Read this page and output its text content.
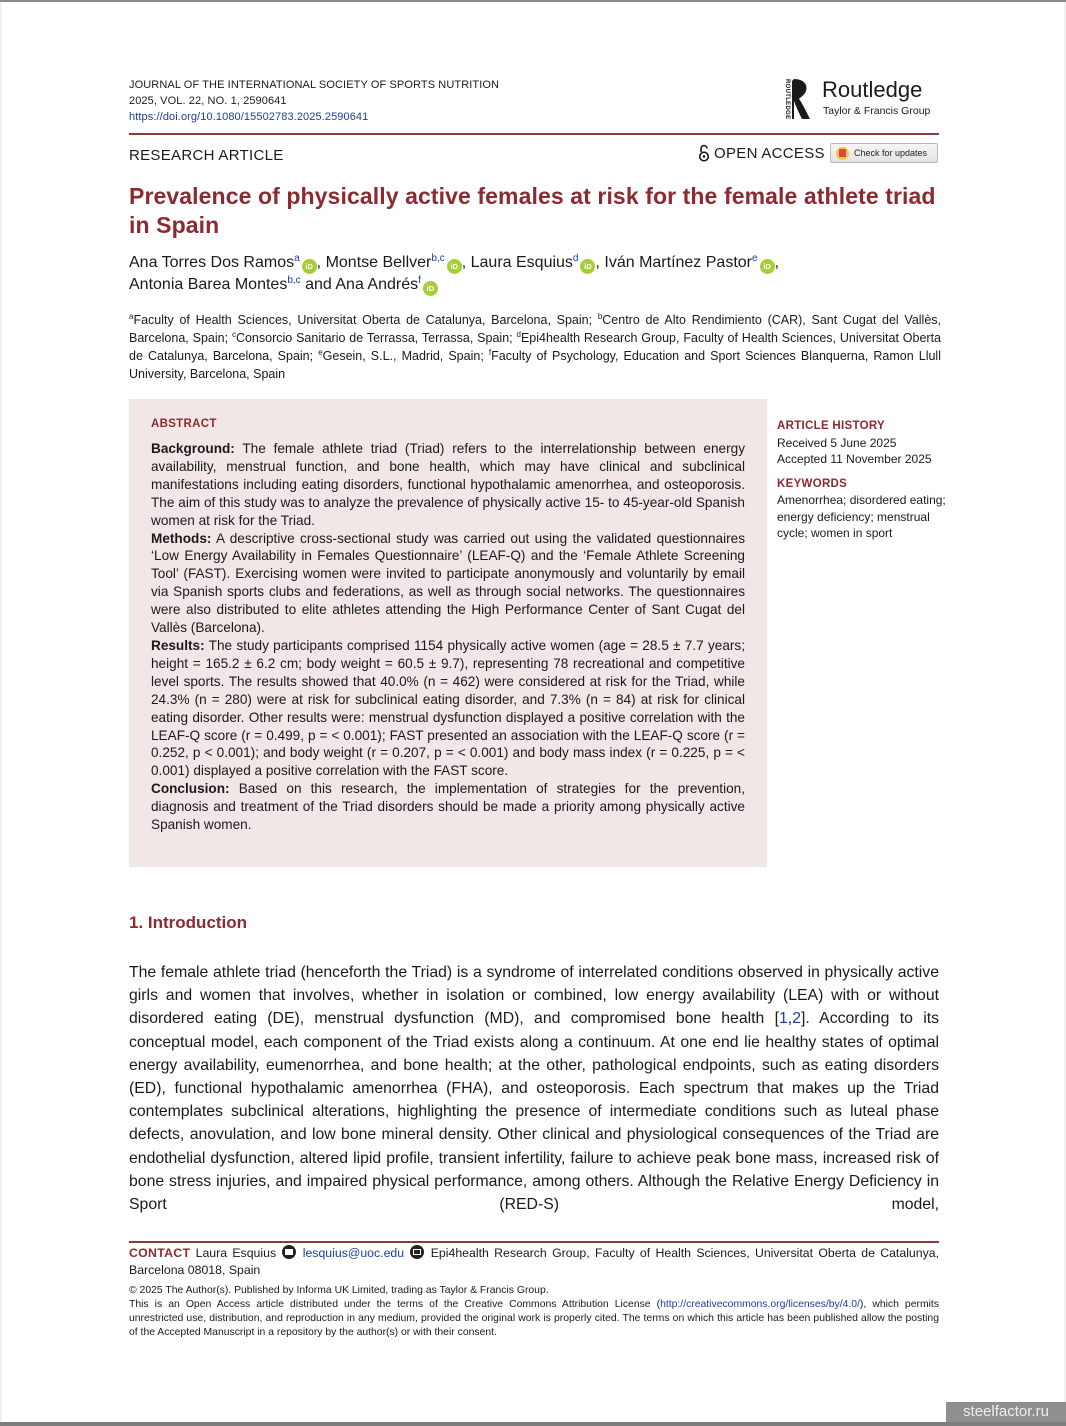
JOURNAL OF THE INTERNATIONAL SOCIETY OF SPORTS NUTRITION
2025, VOL. 22, NO. 1, 2590641
https://doi.org/10.1080/15502783.2025.2590641	ROUTLEDGE Routledge
Taylor & Francis Group
RESEARCH ARTICLE	OPEN ACCESS	Check for updates
Prevalence of physically active females at risk for the female athlete triad in Spain
Ana Torres Dos Ramos$^a$iD , Montse Bellver$^{b,c}$iD , Laura Esquius$^d$iD , Iván Martínez Pastor$^e$iD ,
Antonia Barea Montes$^{b,c}$ and Ana Andrés$^f$iD
$^a$Faculty of Health Sciences, Universitat Oberta de Catalunya, Barcelona, Spain; $^b$Centro de Alto Rendimiento (CAR), Sant Cugat del Vallès, Barcelona, Spain; $^c$Consorcio Sanitario de Terrassa, Terrassa, Spain; $^d$Epi4health Research Group, Faculty of Health Sciences, Universitat Oberta de Catalunya, Barcelona, Spain; $^e$Gesein, S.L., Madrid, Spain; $^f$Faculty of Psychology, Education and Sport Sciences Blanquerna, Ramon Llull University, Barcelona, Spain
ABSTRACT

Background: The female athlete triad (Triad) refers to the interrelationship between energy availability, menstrual function, and bone health, which may have clinical and subclinical manifestations including eating disorders, functional hypothalamic amenorrhea, and osteoporosis. The aim of this study was to analyze the prevalence of physically active 15- to 45-year-old Spanish women at risk for the Triad.

Methods: A descriptive cross-sectional study was carried out using the validated questionnaires ‘Low Energy Availability in Females Questionnaire’ (LEAF-Q) and the ‘Female Athlete Screening Tool’ (FAST). Exercising women were invited to participate anonymously and voluntarily by email via Spanish sports clubs and federations, as well as through social networks. The questionnaires were also distributed to elite athletes attending the High Performance Center of Sant Cugat del Vallès (Barcelona).

Results: The study participants comprised 1154 physically active women (age = 28.5 ± 7.7 years; height = 165.2 ± 6.2 cm; body weight = 60.5 ± 9.7), representing 78 recreational and competitive level sports. The results showed that 40.0% (n = 462) were considered at risk for the Triad, while 24.3% (n = 280) were at risk for subclinical eating disorder, and 7.3% (n = 84) at risk for clinical eating disorder. Other results were: menstrual dysfunction displayed a positive correlation with the LEAF-Q score (r = 0.499, p = < 0.001); FAST presented an association with the LEAF-Q score (r = 0.252, p < 0.001); and body weight (r = 0.207, p = < 0.001) and body mass index (r = 0.225, p = < 0.001) displayed a positive correlation with the FAST score.

Conclusion: Based on this research, the implementation of strategies for the prevention, diagnosis and treatment of the Triad disorders should be made a priority among physically active Spanish women.

ARTICLE HISTORY
Received 5 June 2025
Accepted 11 November 2025
KEYWORDS
Amenorrhea; disordered eating; energy deficiency; menstrual cycle; women in sport
1. Introduction
The female athlete triad (henceforth the Triad) is a syndrome of interrelated conditions observed in physically active girls and women that involves, whether in isolation or combined, low energy availability (LEA) with or without disordered eating (DE), menstrual dysfunction (MD), and compromised bone health [1,2]. According to its conceptual model, each component of the Triad exists along a continuum. At one end lie healthy states of optimal energy availability, eumenorrhea, and bone health; at the other, pathological endpoints, such as eating disorders (ED), functional hypothalamic amenorrhea (FHA), and osteoporosis. Each spectrum that makes up the Triad contemplates subclinical alterations, highlighting the presence of intermediate conditions such as luteal phase defects, anovulation, and low bone mineral density. Other clinical and physiological consequences of the Triad are endothelial dysfunction, altered lipid profile, transient infertility, failure to achieve peak bone mass, increased risk of bone stress injuries, and impaired physical performance, among others. Although the Relative Energy Deficiency in Sport (RED-S) model,
CONTACT Laura Esquius  lesquius@uoc.edu  Epi4health Research Group, Faculty of Health Sciences, Universitat Oberta de Catalunya, Barcelona 08018, Spain

© 2025 The Author(s). Published by Informa UK Limited, trading as Taylor & Francis Group.

This is an Open Access article distributed under the terms of the Creative Commons Attribution License (http://creativecommons.org/licenses/by/4.0/), which permits unrestricted use, distribution, and reproduction in any medium, provided the original work is properly cited. The terms on which this article has been published allow the posting of the Accepted Manuscript in a repository by the author(s) or with their consent.

steelfactor.ru
